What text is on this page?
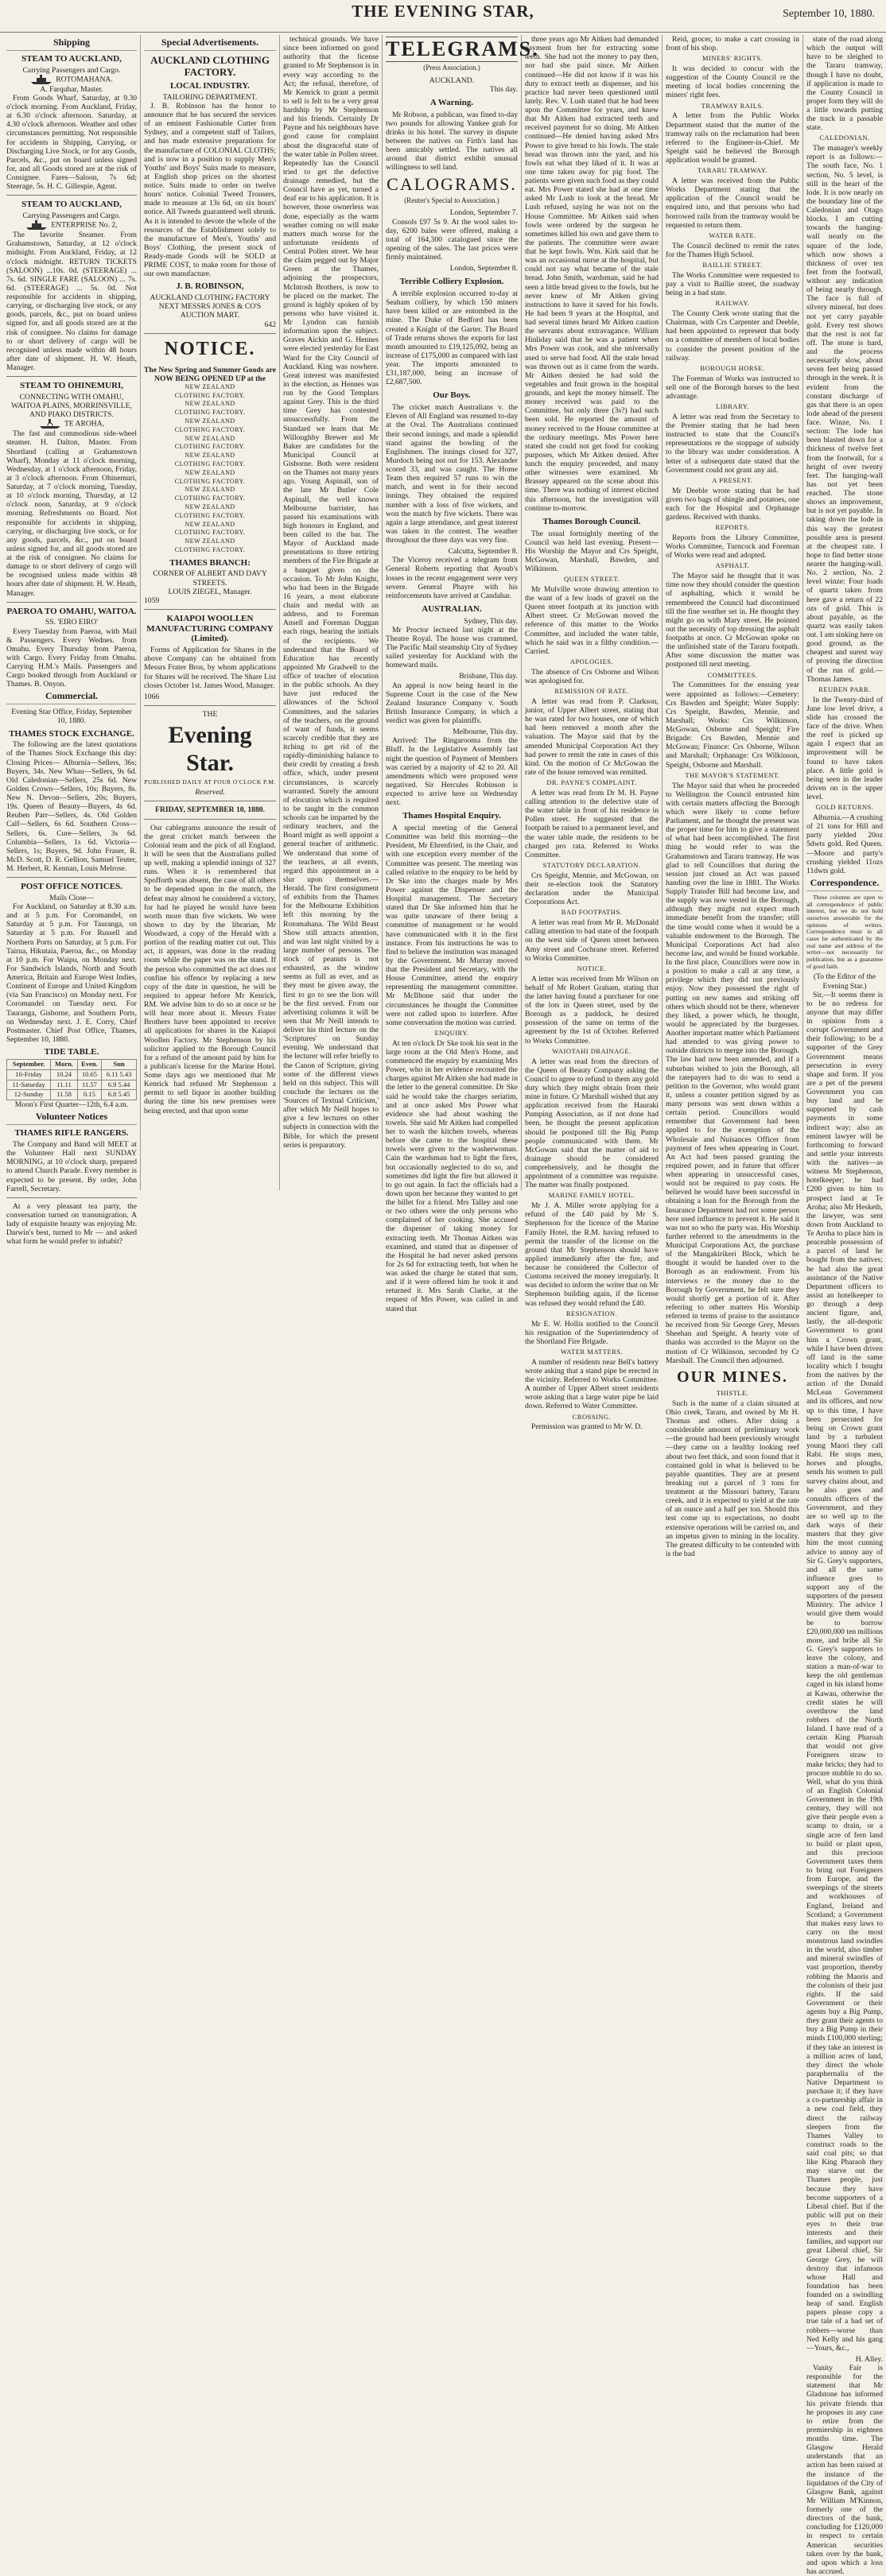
THE EVENING STAR,	September 10, 1880.
Shipping
STEAM TO AUCKLAND,
Carrying Passengers and Cargo.
ROTOMAHANA.
A. Farquhar, Master.

From Goods Wharf, Saturday, at 9.30 o'clock morning. From Auckland, Friday, at 6.30 o'clock afternoon. Saturday, at 4.30 o'clock afternoon. Weather and other circumstances permitting. Not responsible for accidents in Shipping, Carrying, or Discharging Live Stock, or for any Goods, Parcels, &c., put on board unless signed for, and all Goods stored are at the risk of Consignee. Fares—Saloon, 7s 6d; Steerage, 5s. H. C. Gillespie, Agent.

STEAM TO AUCKLAND,
Carrying Passengers and Cargo.
ENTERPRISE No. 2,

The favorite Steamer. From Grahamstown, Saturday, at 12 o'clock midnight. From Auckland, Friday, at 12 o'clock midnight. RETURN TICKETS (SALOON) ...10s. 0d. (STEERAGE) ... 7s. 6d. SINGLE FARE (SALOON) ... 7s. 6d. (STEERAGE) ... 5s. 0d. Not responsible for accidents in shipping, carrying, or discharging live stock, or any goods, parcels, &c., put on board unless signed for, and all goods stored are at the risk of consignee. No claims for damage to or short delivery of cargo will be recognised unless made within 48 hours after date of shipment. H. W. Heath, Manager.

STEAM TO OHINEMURI,
CONNECTING WITH OMAHU, WAITOA PLAINS, MORRINSVILLE, AND PIAKO DISTRICTS.
TE AROHA,

The fast and commodious side-wheel steamer. H. Dalton, Master. From Shortland (calling at Grahamstown Wharf), Monday at 11 o'clock morning, Wednesday, at 1 o'clock afternoon, Friday, at 3 o'clock afternoon. From Ohinemuri, Saturday, at 7 o'clock morning, Tuesday, at 10 o'clock morning, Thursday, at 12 o'clock noon, Saturday, at 9 o'clock morning. Refreshments on Board. Not responsible for accidents in shipping, carrying, or discharging live stock, or for any goods, parcels, &c., put on board unless signed for, and all goods stored are at the risk of consignee. No claims for damage to or short delivery of cargo will be recognised unless made within 48 hours after date of shipment. H. W. Heath, Manager.

PAEROA TO OMAHU, WAITOA.
SS. 'EIRO EIRO'

Every Tuesday from Paeroa, with Mail & Passengers. Every Wednes. from Omahu. Every Thursday from Paeroa, with Cargo. Every Friday from Omahu. Carrying H.M.'s Mails. Passengers and Cargo booked through from Auckland or Thames. B. Onyon.

Commercial.
Evening Star Office, Friday, September 10, 1880.
THAMES STOCK EXCHANGE.

The following are the latest quotations of the Thames Stock Exchange this day: Closing Prices— Alburnia—Sellers, 36s; Buyers, 34s. New Whau—Sellers, 9s 6d. Old Caledonian—Sellers, 25s 6d. New Golden Crown—Sellers, 10s; Buyers, 8s. New N. Devon—Sellers, 20s; Buyers, 19s. Queen of Beauty—Buyers, 4s 6d. Reuben Parr—Sellers, 4s. Old Golden Calf—Sellers, 6s 6d. Southern Cross—Sellers, 6s. Cure—Sellers, 3s 6d. Columbia—Sellers, 1s 6d. Victoria—Sellers, 1s; Buyers, 9d. John Fraser, R. McD. Scott, D. R. Gellion, Samuel Teuter, M. Herbert, R. Kennan, Louis Melrose.

POST OFFICE NOTICES.
Mails Close—

For Auckland, on Saturday at 8.30 a.m. and at 5 p.m. For Coromandel, on Saturday at 5 p.m. For Tauranga, on Saturday at 5 p.m. For Russell and Northern Ports on Saturday, at 5 p.m. For Tairua, Hikutaia, Paeroa, &c., on Monday at 10 p.m. For Waipu, on Monday next. For Sandwich Islands, North and South America, Britain and Europe West Indies, Continent of Europe and United Kingdom (via San Francisco) on Monday next. For Coromandel on Tuesday next. For Tauranga, Gisborne, and Southern Ports, on Wednesday next. J. E. Corry, Chief Postmaster. Chief Post Office, Thames, September 10, 1880.

TIDE TABLE.
September.	Morn.	Even.	Sun
10-Friday	10.24	10.65	6.11 5.43
11-Saturday	11.11	11.57	6.9 5.44
12-Sunday	11.58	0.15	6.8 5.45
Moon's First Quarter—12th, 6.4 a.m.
Volunteer Notices
THAMES RIFLE RANGERS.

The Company and Band will MEET at the Volunteer Hall next SUNDAY MORNING, at 10 o'clock sharp, prepared to attend Church Parade. Every member is expected to be present. By order, John Farrell, Secretary.

At a very pleasant tea party, the conversation turned on transmigration. A lady of exquisite beauty was enjoying Mr. Darwin's best, turned to Mr — and asked what form he would prefer to inhabit?

Special Advertisements.
AUCKLAND CLOTHING FACTORY.
LOCAL INDUSTRY.
TAILORING DEPARTMENT.

J. B. Robinson has the honor to announce that he has secured the services of an eminent Fashionable Cutter from Sydney, and a competent staff of Tailors, and has made extensive preparations for the manufacture of COLONIAL CLOTHS; and is now in a position to supply Men's Youths' and Boys' Suits made to measure, at English shop prices on the shortest notice. Suits made to order on twelve hours' notice. Colonial Tweed Trousers, made to measure at 13s 6d, on six hours' notice. All Tweeds guaranteed well shrunk. As it is intended to devote the whole of the resources of the Establishment solely to the manufacture of Men's, Youths' and Boys' Clothing, the present stock of Ready-made Goods will be SOLD at PRIME COST, to make room for those of our own manufacture.

J. B. ROBINSON,
AUCKLAND CLOTHING FACTORY
NEXT MESSRS JONES & CO'S AUCTION MART.
642
NOTICE.
The New Spring and Summer Goods are NOW BEING OPENED UP at the
NEW ZEALAND
CLOTHING FACTORY.
NEW ZEALAND
CLOTHING FACTORY.
NEW ZEALAND
CLOTHING FACTORY.
NEW ZEALAND
CLOTHING FACTORY.
NEW ZEALAND
CLOTHING FACTORY.
NEW ZEALAND
CLOTHING FACTORY.
NEW ZEALAND
CLOTHING FACTORY.
NEW ZEALAND
CLOTHING FACTORY.
NEW ZEALAND
CLOTHING FACTORY.
NEW ZEALAND
CLOTHING FACTORY.
THAMES BRANCH:
CORNER OF ALBERT AND DAVY STREETS.
LOUIS ZIEGEL, Manager.
1059
KAIAPOI WOOLLEN MANUFACTURING COMPANY (Limited).

Forms of Application for Shares in the above Company can be obtained from Messrs Frater Bros, by whom applications for Shares will be received. The Share List closes October 1st. James Wood, Manager.

1066
THE
Evening Star.
PUBLISHED DAILY AT FOUR O'CLOCK P.M.
Reserved.
FRIDAY, SEPTEMBER 10, 1880.

Our cablegrams announce the result of the great cricket match between the Colonial team and the pick of all England. It will be seen that the Australians pulled up well, making a splendid innings of 327 runs. When it is remembered that Spofforth was absent, the case of all others to be depended upon in the match, the defeat may almost be considered a victory, for had he played he would have been worth more than five wickets. We were shown to day by the librarian, Mr Woodward, a copy of the Herald with a portion of the reading matter cut out. This act, it appears, was done in the reading room while the paper was on the stand. If the person who committed the act does not confine his offence by replacing a new copy of the date in question, he will be required to appear before Mr Kenrick, RM. We advise him to do so at once or he will hear more about it. Messrs Frater Brothers have been appointed to receive all applications for shares in the Kaiapoi Woollen Factory. Mr Stephenson by his solicitor applied to the Borough Council for a refund of the amount paid by him for a publican's license for the Marine Hotel. Some days ago we mentioned that Mr Kenrick had refused Mr Stephenson a permit to sell liquor in another building during the time his new premises were being erected, and that upon some

technical grounds. We have since been informed on good authority that the license granted to Mr Stephenson is in every way according to the Act; the refusal, therefore, of Mr Kenrick to grant a permit to sell is felt to be a very great hardship by Mr Stephenson and his friends. Certainly Dr Payne and his neighbours have good cause for complaint about the disgraceful state of the water table in Pollen street. Repeatedly has the Council tried to get the defective drainage remedied, but the Council have as yet, turned a deaf ear to his application. It is however, those ownerless was done, especially as the warm weather coming on will make matters much worse for the unfortunate residents of Central Pollen street. We hear the claim pegged out by Major Green at the Thames, adjoining the prospectors, McIntosh Brothers, is now to be placed on the market. The ground is highly spoken of by persons who have visited it. Mr Lyndon can furnish information upon the subject. Graves Aickin and G. Hennes were elected yesterday for East Ward for the City Council of Auckland. King was nowhere. Great interest was manifested in the election, as Hennes was run by the Good Templars against Grey. This is the third time Grey has contested unsuccessfully. From the Standard we learn that Mr Willoughby Brewer and Mr Baker are candidates for the Municipal Council at Gisborne. Both were resident on the Thames not many years ago. Young Aspinall, son of the late Mr Butler Cole Aspinall, the well known Melbourne barrister, has passed his examinations with high honours in England, and been called to the bar. The Mayor of Auckland made presentations to three retiring members of the Fire Brigade at a banquet given on the occasion. To Mr John Knight, who had been in the Brigade 16 years, a most elaborate chain and medal with an address, and to Foreman Ansell and Foreman Duggan each rings, bearing the initials of the recipients. We understand that the Board of Education has recently appointed Mr Gradwell to the office of teacher of elocution in the public schools. As they have just reduced the allowances of the School Committees, and the salaries of the teachers, on the ground of want of funds, it seems scarcely credible that they are itching to get rid of the rapidly-diminishing balance to their credit by creating a fresh office, which, under present circumstances, is scarcely warranted. Surely the amount of elocution which is required to be taught in the common schools can be imparted by the ordinary teachers, and the Board might as well appoint a general teacher of arithmetic. We understand that some of the teachers, at all events, regard this appointment as a slur upon themselves.—Herald. The first consignment of exhibits from the Thames for the Melbourne Exhibition left this morning by the Rotomahana. The Wild Beast Show still attracts attention, and was last night visited by a large number of persons. The stock of peanuts is not exhausted, as the window seems as full as ever, and as they must be given away, the first to go to see the lion will be the first served. From our advertising columns it will be seen that Mr Neill intends to deliver his third lecture on the 'Scriptures' on Sunday evening. We understand that the lecturer will refer briefly to the Canon of Scripture, giving some of the different views held on this subject. This will conclude the lectures on the 'Sources of Textual Criticism,' after which Mr Neill hopes to give a few lectures on other subjects in connection with the Bible, for which the present series is preparatory.

TELEGRAMS.
(Press Association.)
AUCKLAND.
This day.
A Warning.

Mr Robson, a publican, was fined to-day two pounds for allowing Yankee grab for drinks in his hotel. The survey in dispute between the natives on Firth's land has been amicably settled. The natives all around that district exhibit unusual willingness to sell land.

CALOGRAMS.
(Reuter's Special to Association.)
London, September 7.

Consols £97 5s 9. At the wool sales to-day, 6200 bales were offered, making a total of 164,300 catalogued since the opening of the sales. The last prices were firmly maintained.

London, September 8.
Terrible Colliery Explosion.

A terrible explosion occurred to-day at Seaham colliery, by which 150 miners have been killed or are entombed in the mine. The Duke of Bedford has been created a Knight of the Garter. The Board of Trade returns shows the exports for last month amounted to £19,125,092, being an increase of £175,000 as compared with last year. The imports amounted to £31,187,000, being an increase of £2,687,500.

Our Boys.

The cricket match Australians v. the Eleven of All England was resumed to-day at the Oval. The Australians continued their second innings, and made a splendid stand against the bowling of the Englishmen. The innings closed for 327, Murdoch being not out for 153. Alexander scored 33, and was caught. The Home Team then required 57 runs to win the match, and went in for their second innings. They obtained the required number with a loss of five wickets, and won the match by five wickets. There was again a large attendance, and great interest was taken in the contest. The weather throughout the three days was very fine.

Calcutta, September 8.

The Viceroy received a telegram from General Roberts reporting that Ayoub's losses in the recent engagement were very severe. General Phayre with his reinforcements have arrived at Candahar.

AUSTRALIAN.
Sydney, This day.

Mr Proctor lectured last night at the Theatre Royal. The house was crammed. The Pacific Mail steamship City of Sydney sailed yesterday for Auckland with the homeward mails.

Brisbane, This day.

An appeal is now being heard in the Supreme Court in the case of the New Zealand Insurance Company v. South British Insurance Company, in which a verdict was given for plaintiffs.

Melbourne, This day.

Arrived: The Ringarooma from the Bluff. In the Legislative Assembly last night the question of Payment of Members was carried by a majority of 42 to 20. All amendments which were proposed were negatived. Sir Hercules Robinson is expected to arrive here on Wednesday next.

Thames Hospital Enquiry.

A special meeting of the General Committee was held this morning—the President, Mr Ehrenfried, in the Chair, and with one exception every member of the Committee was present. The meeting was called relative to the enquiry to be held by Dr Ske into the charges made by Mrs Power against the Dispenser and the Hospital management. The Secretary stated that Dr Ske informed him that he was quite unaware of there being a committee of management or he would have communicated with it in the first instance. From his instructions he was to find to believe the institution was managed by the Government. Mr Murray moved that the President and Secretary, with the House Committee, attend the enquiry representing the management committee. Mr McIlhone said that under the circumstances he thought the Committee were not called upon to interfere. After some conversation the motion was carried.

ENQUIRY.

At ten o'clock Dr Ske took his seat in the large room at the Old Men's Home, and commenced the enquiry by examining Mrs Power, who in her evidence recounted the charges against Mr Aitken she had made in the letter to the general committee. Dr Ske said he would take the charges seriatim, and at once asked Mrs Power what evidence she had about washing the towels. She said Mr Aitken had compelled her to wash the kitchen towels, whereas before she came to the hospital these towels were given to the washerwoman. Cain the wardsman had to light the fires, but occasionally neglected to do so, and sometimes did light the fire but allowed it to go out again. In fact the officials had a down upon her because they wanted to get the billet for a friend. Mrs Talley and one or two others were the only persons who complained of her cooking. She accused the dispenser of taking money for extracting teeth. Mr Thomas Aitken was examined, and stated that as dispenser of the Hospital he had never asked persons for 2s 6d for extracting teeth, but when he was asked the charge he stated that sum, and if it were offered him he took it and returned it. Mrs Sarah Clarke, at the request of Mrs Power, was called in and stated that

three years ago Mr Aitken had demanded payment from her for extracting some teeth. She had not the money to pay then, nor had she paid since. Mr Aitken continued—He did not know if it was his duty to extract teeth as dispenser, and his practice had never been questioned until lately. Rev. V. Lush stated that he had been upon the Committee for years, and knew that Mr Aitken had extracted teeth and received payment for so doing. Mr Aitken continued—He denied having asked Mrs Power to give bread to his fowls. The stale bread was thrown into the yard, and his fowls eat what they liked of it. It was at one time taken away for pig food. The patients were given such food as they could eat. Mrs Power stated she had at one time asked Mr Lush to look at the bread. Mr Lush refused, saying he was not on the House Committee. Mr Aitken said when fowls were ordered by the surgeon he sometimes killed his own and gave them to the patients. The committee were aware that he kept fowls. Wm. Kirk said that he was an occasional nurse at the hospital, but could not say what became of the stale bread. John Smith, wardsman, said he had seen a little bread given to the fowls, but he never knew of Mr Aitken giving instructions to have it saved for his fowls. He had been 9 years at the Hospital, and had several times heard Mr Aitken caution the servants about extravagance. William Hinliday said that he was a patient when Mrs Power was cook, and she universally used to serve bad food. All the stale bread was thrown out as it came from the wards. Mr Aitken denied he had sold the vegetables and fruit grown in the hospital grounds, and kept the money himself. The money received was paid to the Committee, but only three (3s?) had such been sold. He reported the amount of money received to the House committee at the ordinary meetings. Mrs Power here stated she could not get food for cooking purposes, which Mr Aitken denied. After lunch the enquiry proceeded, and many other witnesses were examined. Mr Brassey appeared on the scene about this time. There was nothing of interest elicited this afternoon, but the investigation will continue to-morrow.

Thames Borough Council.

The usual fortnightly meeting of the Council was held last evening. Present—His Worship the Mayor and Crs Speight, McGowan, Marshall, Bawden, and Wilkinson.

QUEEN STREET.

Mr Mulville wrote drawing attention to the want of a few loads of gravel on the Queen street footpath at its junction with Albert street. Cr McGowan moved the reference of this matter to the Works Committee, and included the water table, which he said was in a filthy condition.—Carried.

APOLOGIES.

The absence of Crs Osborne and Wilson was apologised for.

REMISSION OF RATE.

A letter was read from P. Clarkson, junior, of Upper Albert street, stating that he was rated for two houses, one of which had been removed a month after the valuation. The Mayor said that by the amended Municipal Corporation Act they had power to remit the rate in cases of this kind. On the motion of Cr McGowan the rate of the house removed was remitted.

DR. PAYNE'S COMPLAINT.

A letter was read from Dr M. H. Payne calling attention to the defective state of the water table in front of his residence in Pollen street. He suggested that the footpath be raised to a permanent level, and the water table made, the residents to be charged pro rata. Referred to Works Committee.

STATUTORY DECLARATION.

Crs Speight, Mennie, and McGowan, on their re-election took the Statutory declaration under the Municipal Corporations Act.

BAD FOOTPATHS.

A letter was read from Mr R. McDonald calling attention to bad state of the footpath on the west side of Queen street between Amy street and Cochrane street. Referred to Works Committee.

NOTICE.

A letter was received from Mr Wilson on behalf of Mr Robert Graham, stating that the latter having found a purchaser for one of the lots in Queen street, used by the Borough as a paddock, he desired possession of the same on terms of the agreement by the 1st of October. Referred to Works Committee.

WAIOTAHI DRAINAGE.

A letter was read from the directors of the Queen of Beauty Company asking the Council to agree to refund to them any gold duty which they might obtain from their mine in future. Cr Marshall wished that any application received from the Hauraki Pumping Association, as if not done had been, he thought the present application should be postponed till the Big Pump people communicated with them. Mr McGowan said that the matter of aid to drainage should be considered comprehensively, and he thought the appointment of a committee was requisite. The matter was finally postponed.

MARINE FAMILY HOTEL.

Mr J. A. Miller wrote applying for a refund of the £40 paid by Mr S. Stephenson for the licence of the Marine Family Hotel, the R.M. having refused to permit the transfer of the license on the ground that Mr Stephenson should have applied immediately after the fire, and because he considered the Collector of Customs received the money irregularly. It was decided to inform the writer that on Mr Stephenson building again, if the license was refused they would refund the £40.

RESIGNATION.

Mr E. W. Hollis notified to the Council his resignation of the Superintendency of the Shortland Fire Brigade.

WATER MATTERS.

A number of residents near Bell's battery wrote asking that a stand pipe be erected in the vicinity. Referred to Works Committee. A number of Upper Albert street residents wrote asking that a large water pipe be laid down. Referred to Water Committee.

CROSSING.

Permission was granted to Mr W. D.

Reid, grocer, to make a cart crossing in front of his shop.

MINERS' RIGHTS.

It was decided to concur with the suggestion of the County Council re the meeting of local bodies concerning the miners' right fees.

TRAMWAY RAILS.

A letter from the Public Works Department stated that the matter of the tramway rails on the reclamation had been referred to the Engineer-in-Chief. Mr Speight said he believed the Borough application would be granted.

TARARU TRAMWAY.

A letter was received from the Public Works Department stating that the application of the Council would be enquired into, and that persons who had borrowed rails from the tramway would be requested to return them.

WATER RATE.

The Council declined to remit the rates for the Thames High School.

BAILLIE STREET.

The Works Committee were requested to pay a visit to Baillie street, the roadway being in a bad state.

RAILWAY.

The County Clerk wrote stating that the Chairman, with Crs Carpenter and Deeble, had been appointed to represent that body on a committee of members of local bodies to consider the present position of the railway.

BOROUGH HORSE.

The Foreman of Works was instructed to sell one of the Borough horses to the best advantage.

LIBRARY.

A letter was read from the Secretary to the Premier stating that he had been instructed to state that the Council's representations re the stoppage of subsidy to the library was under consideration. A letter of a subsequent date stated that the Government could not grant any aid.

A PRESENT.

Mr Deeble wrote stating that he had given two bags of shingle and potatoes, one each for the Hospital and Orphanage gardens. Received with thanks.

REPORTS.

Reports from the Library Committee, Works Committee, Turncock and Foreman of Works were read and adopted.

ASPHALT.

The Mayor said he thought that it was time now they should consider the question of asphalting, which it would be remembered the Council had discontinued till the fine weather set in. He thought they might go on with Mary street. He pointed out the necessity of top dressing the asphalt footpaths at once. Cr McGowan spoke on the unfinished state of the Tararu footpath. After some discussion the matter was postponed till next meeting.

COMMITTEES.

The Committees for the ensuing year were appointed as follows:—Cemetery: Crs Bawden and Speight; Water Supply: Crs Speight, Bawden, Mennie, and Marshall; Works: Crs Wilkinson, McGowan, Osborne and Speight; Fire Brigade: Crs Bawden, Mennie and McGowan; Finance: Crs Osborne, Wilson and Marshall; Orphanage: Crs Wilkinson, Speight, Osborne and Marshall.

THE MAYOR'S STATEMENT.

The Mayor said that when he proceeded to Wellington the Council entrusted him with certain matters affecting the Borough which were likely to come before Parliament, and he thought the present was the proper time for him to give a statement of what had been accomplished. The first thing he would refer to was the Grahamstown and Tararu tramway. He was glad to tell Councillors that during the session just closed an Act was passed handing over the line in 1881. The Works Supply Transfer Bill had become law, and the supply was now vested in the Borough, although they might not expect much immediate benefit from the transfer; still the time would come when it would be a valuable endowment to the Borough. The Municipal Corporations Act had also become law, and would be found workable. In the first place, Councillors were now in a position to make a call at any time, a privilege which they did not previously enjoy. Now they possessed the right of putting on new names and striking off others which should not be there, whenever they liked, a power which, he thought, would be appreciated by the burgesses. Another important matter which Parliament had attended to was giving power to outside districts to merge into the Borough. The law had now been amended, and if a suburban wished to join the Borough, all the ratepayers had to do was to send a petition to the Governor, who would grant it, unless a counter petition signed by as many persons was sent down within a certain period. Councillors would remember that Government had been applied to for the exemption of the Wholesale and Nuisances Officer from payment of fees when appearing in Court. An Act had been passed granting the required power, and in future that officer when appearing in unsuccessful cases, would not be required to pay costs. He believed he would have been successful in obtaining a loan for the Borough from the Insurance Department had not some person here used influence to prevent it. He said it was not so who the party was. His Worship further referred to the amendments in the Municipal Corporations Act, the purchase of the Mangakirikeri Block, which he thought it would be handed over to the Borough as an endowment. From his interviews re the money due to the Borough by Government, he felt sure they would shortly get a portion of it. After referring to other matters His Worship referred in terms of praise to the assistance he received from Sir George Grey, Messrs Sheehan and Speight. A hearty vote of thanks was accorded to the Mayor on the motion of Cr Wilkinson, seconded by Cr Marshall. The Council then adjourned.

OUR MINES.
THISTLE.

Such is the name of a claim situated at Ohio creek, Tararu, and owned by Mr H. Thomas and others. After doing a considerable amount of preliminary work—the ground had been previously wrought—they came on a healthy looking reef about two feet thick, and soon found that it contained gold in what is believed to be payable quantities. They are at present breaking out a parcel of 3 tons for treatment at the Missouri battery, Tararu creek, and it is expected to yield at the rate of an ounce and a half per ton. Should this test come up to expectations, no doubt extensive operations will be carried on, and an impetus given to mining in the locality. The greatest difficulty to be contended with is the bad

state of the road along which the output will have to be sleighed to the Tararu tramway, though I have no doubt, if application is made to the County Council in proper form they will do a little towards putting the track in a passable state.

CALEDONIAN.

The manager's weekly report is as follows:—The south face, No. 1 section, No. 5 level, is still in the heart of the lode. It is now nearly on the boundary line of the Caledonian and Otago blocks. I am cutting towards the hanging-wall nearly on the square of the lode, which now shows a thickness of over ten feet from the footwall, without any indication of being nearly through. The face is full of silvery mineral, but does not yet carry payable gold. Every test shows that the rest is not far off. The stone is hard, and the process necessarily slow, about seven feet being passed through in the week. It is evident from the constant discharge of gas that there is an open lode ahead of the present face. Winze, No. 1 section: The lode has been blasted down for a thickness of twelve feet from the footwall, for a height of over twenty feet. The hanging-wall has not yet been reached. The stone shows an improvement, but is not yet payable. In taking down the lode in this way the greatest possible area is present at the cheapest rate. I hope to find better stone nearer the hanging-wall. No. 2 section, No. 2 level winze: Four loads of quartz taken from here gave a return of 22 ozs of gold. This is about payable, as the quartz was easily taken out. I am sinking here on good ground, as the cheapest and surest way of proving the direction of the run of gold.—Thomas James.

REUBEN PARR.

In the Twenty-third of June low level drive, a slide has crossed the face of the drive. When the reef is picked up again I expect that an improvement will be found to have taken place. A little gold is being seen in the leader driven on in the upper level.

GOLD RETURNS.

Alburnia.—A crushing of 21 tons for Hill and party yielded 20oz 5dwts gold. Red Queen.—Moore and party's crushing yielded 11ozs 11dwts gold.

Correspondence.

These columns are open to all correspondence of public interest, but we do not hold ourselves answerable for the opinions of writers. Correspondence must in all cases be authenticated by the real name and address of the writer—not necessarily for publication, but as a guarantee of good faith.

(To the Editor of the Evening Star.)

Sir,—It seems there is to be no redress for anyone that may differ in opinion from a corrupt Government and their following; to be a supporter of the Grey Government means persecution in every shape and form. If you are a pet of the present Government you can buy land and be supported by cash payments in some indirect way; also an eminent lawyer will be forthcoming to forward and settle your interests with the natives—as witness Mr Stephenson, hotelkeeper; he had £200 given to him to prospect land at Te Aroha; also Mr Hesketh, the lawyer, was sent down from Auckland to Te Aroha to place him in peaceable possession of a parcel of land he bought from the natives; he had also the great assistance of the Native Department officers to assist an hotelkeeper to go through a deep ancient figure, and, lastly, the all-despotic Government to grant him a Crown grant, while I have been driven off land in the same locality which I bought from the natives by the action of the Donald McLean Government and its officers, and now up to this time, I have been persecuted for being on Crown grant land by a turbulent young Maori they call Rabi. He stops men, horses and ploughs, sends his women to pull survey chains about, and he also goes and consults officers of the Government, and they are so well up to the dark ways of their masters that they give him the most cunning advice to annoy any of Sir G. Grey's supporters, and all the same influence goes to support any of the supporters of the present Ministry. The advice I would give them would be to borrow £20,000,000 ten millions more, and bribe all Sir G. Grey's supporters to leave the colony, and station a man-of-war to keep the old gentleman caged in his island home at Kawau, otherwise the credit states he will overthrow the land robbers of the North Island. I have read of a certain King Pharoah that would not give Foreigners straw to make bricks; they had to procure stubble to do so. Well, what do you think of an English Colonial Government in the 19th century, they will not give their people even a scamp to drain, or a single acre of fern land to build or plant upon, and this precious Government taxes them to bring out Foreigners from Europe, and the sweepings of the streets and workhouses of England, Ireland and Scotland; a Government that makes easy laws to carry on the most monstrous land swindles in the world, also timber and mineral swindles of vast proportion, thereby robbing the Maoris and the colonists of their just rights. If the said Government or their agents buy a Big Pump, they grant their agents to buy a Big Pump in their minds £100,000 sterling; if they take an interest in a million acres of land, they direct the whole paraphernalia of the Native Department to purchase it; if they have a co-partnership affair in a new coal field, they direct the railway sleepers from the Thames Valley to construct roads to the said coal pits; so that like King Pharaoh they may starve out the Thames people, just because they have become supporters of a Liberal chief. But if the public will put on their eyes to their true interests and their families, and support our great Liberal chief, Sir George Grey, he will destroy that infamous whose Hall and foundation has been founded on a swindling heap of sand. English papers please copy a true tale of a bad set of robbers—worse than Ned Kelly and his gang—Yours, &c.,

H. Alley.

Vanity Fair is responsible for the statement that Mr Gladstone has informed his private friends that he proposes in any case to retire from the premiership in eighteen months time. The Glasgow Herald understands that an action has been raised at the instance of the liquidators of the City of Glasgow Bank, against Mr William M'Kinnon, formerly one of the directors of the bank, concluding for £120,000 in respect to certain American securities taken over by the bank, and upon which a loss has accrued.
